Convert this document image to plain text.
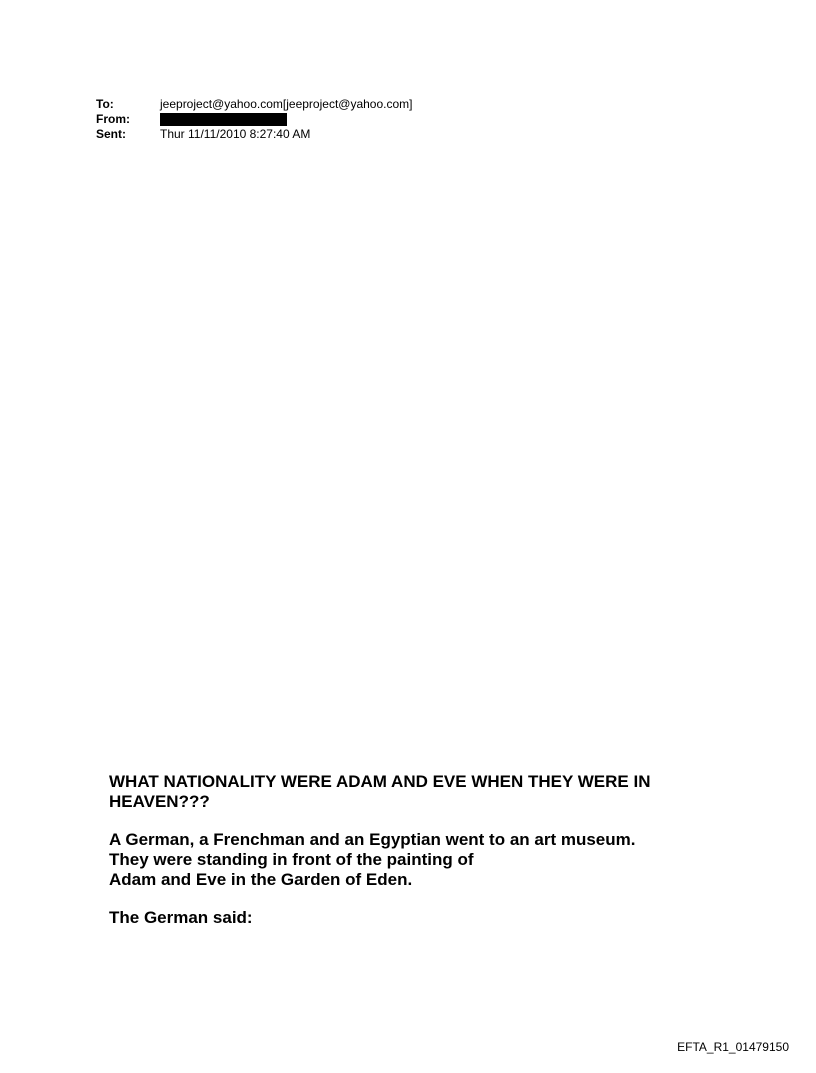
To:	jeeproject@yahoo.com[jeeproject@yahoo.com]
From:
Sent:	Thur 11/11/2010 8:27:40 AM

WHAT NATIONALITY WERE ADAM AND EVE WHEN THEY WERE IN
HEAVEN???

A German, a Frenchman and an Egyptian went to an art museum.
They were standing in front of the painting of
Adam and Eve in the Garden of Eden.

The German said:

EFTA_R1_01479150
